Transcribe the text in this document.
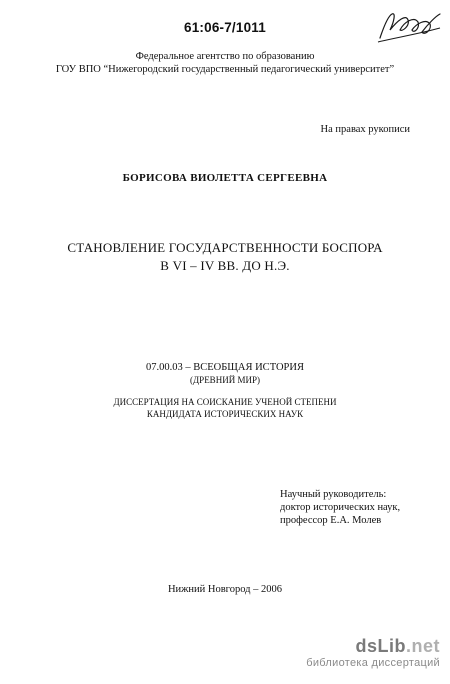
61:06-7/1011
Федеральное агентство по образованию
ГОУ ВПО “Нижегородский государственный педагогический университет”
На правах рукописи
БОРИСОВА ВИОЛЕТТА СЕРГЕЕВНА
СТАНОВЛЕНИЕ ГОСУДАРСТВЕННОСТИ БОСПОРА
В VI – IV ВВ. ДО Н.Э.
07.00.03 – ВСЕОБЩАЯ ИСТОРИЯ
(ДРЕВНИЙ МИР)
ДИССЕРТАЦИЯ НА СОИСКАНИЕ УЧЕНОЙ СТЕПЕНИ
КАНДИДАТА ИСТОРИЧЕСКИХ НАУК
Научный руководитель:
доктор исторических наук,
профессор Е.А. Молев
Нижний Новгород – 2006
dsLib.net
библиотека диссертаций
